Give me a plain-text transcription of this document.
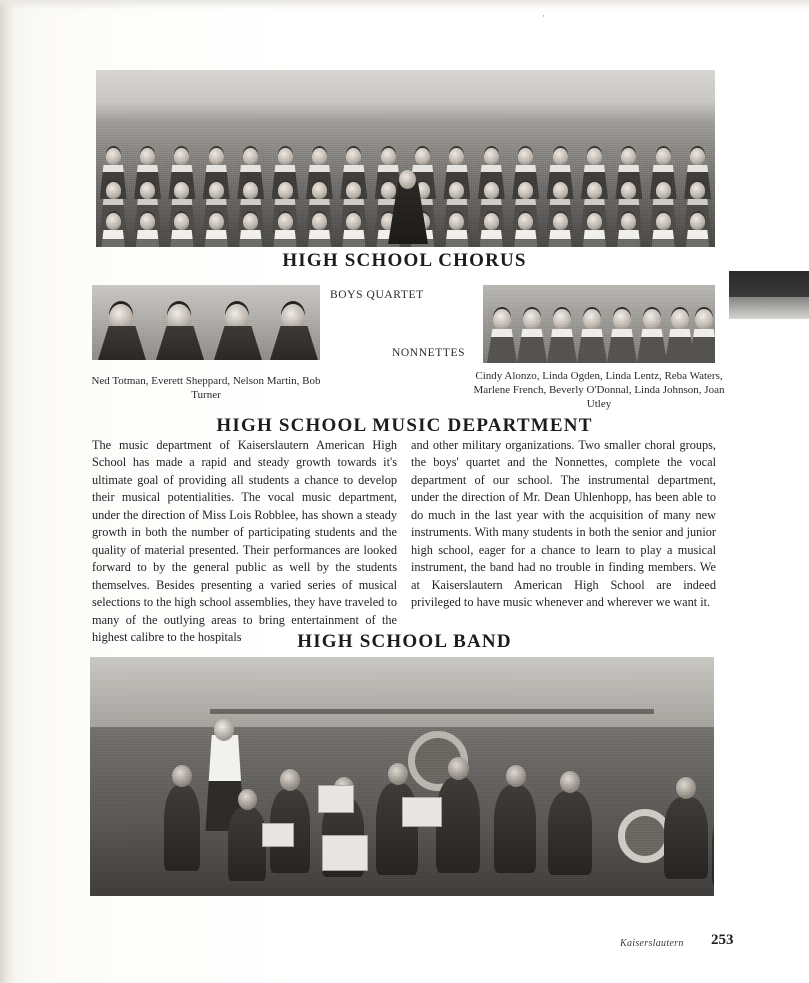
·
HIGH SCHOOL CHORUS
BOYS QUARTET
Ned Totman, Everett Sheppard, Nelson Martin, Bob Turner
NONNETTES
Cindy Alonzo, Linda Ogden, Linda Lentz, Reba Waters, Marlene French, Beverly O'Donnal, Linda Johnson, Joan Utley
HIGH SCHOOL MUSIC DEPARTMENT
The music department of Kaiserslautern American High School has made a rapid and steady growth towards it's ultimate goal of providing all students a chance to develop their musical potentialities. The vocal music department, under the direction of Miss Lois Robblee, has shown a steady growth in both the number of participating students and the quality of material presented. Their performances are looked forward to by the general public as well by the students themselves. Besides presenting a varied series of musical selections to the high school assemblies, they have traveled to many of the outlying areas to bring entertainment of the highest calibre to the hospitals
and other military organizations. Two smaller choral groups, the boys' quartet and the Nonnettes, complete the vocal department of our school. The instrumental department, under the direction of Mr. Dean Uhlenhopp, has been able to do much in the last year with the acquisition of many new instruments. With many students in both the senior and junior high school, eager for a chance to learn to play a musical instrument, the band had no trouble in finding members. We at Kaiserslautern American High School are indeed privileged to have music whenever and wherever we want it.
HIGH SCHOOL BAND
Kaiserslautern 253
